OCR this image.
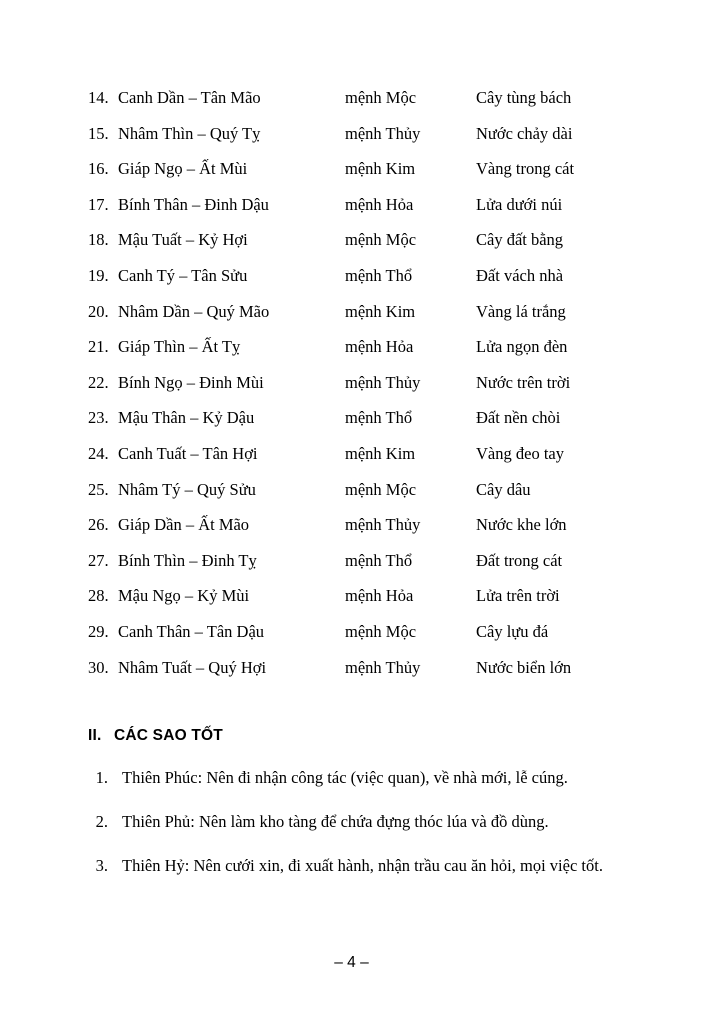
14.	Canh Dần – Tân Mão	mệnh Mộc	Cây tùng bách
15.	Nhâm Thìn – Quý Tỵ	mệnh Thủy	Nước chảy dài
16.	Giáp Ngọ – Ất Mùi	mệnh Kim	Vàng trong cát
17.	Bính Thân – Đinh Dậu	mệnh Hỏa	Lửa dưới núi
18.	Mậu Tuất – Kỷ Hợi	mệnh Mộc	Cây đất bằng
19.	Canh Tý – Tân Sửu	mệnh Thổ	Đất vách nhà
20.	Nhâm Dần – Quý Mão	mệnh Kim	Vàng lá trắng
21.	Giáp Thìn – Ất Tỵ	mệnh Hỏa	Lửa ngọn đèn
22.	Bính Ngọ – Đinh Mùi	mệnh Thủy	Nước trên trời
23.	Mậu Thân – Kỷ Dậu	mệnh Thổ	Đất nền chòi
24.	Canh Tuất – Tân Hợi	mệnh Kim	Vàng đeo tay
25.	Nhâm Tý – Quý Sửu	mệnh Mộc	Cây dâu
26.	Giáp Dần – Ất Mão	mệnh Thủy	Nước khe lớn
27.	Bính Thìn – Đinh Tỵ	mệnh Thổ	Đất trong cát
28.	Mậu Ngọ – Kỷ Mùi	mệnh Hỏa	Lửa trên trời
29.	Canh Thân – Tân Dậu	mệnh Mộc	Cây lựu đá
30.	Nhâm Tuất – Quý Hợi	mệnh Thủy	Nước biển lớn
II. CÁC SAO TỐT
1. Thiên Phúc: Nên đi nhận công tác (việc quan), về nhà mới, lễ cúng.
2. Thiên Phủ: Nên làm kho tàng để chứa đựng thóc lúa và đồ dùng.
3. Thiên Hỷ: Nên cưới xin, đi xuất hành, nhận trầu cau ăn hỏi, mọi việc tốt.
– 4 –
